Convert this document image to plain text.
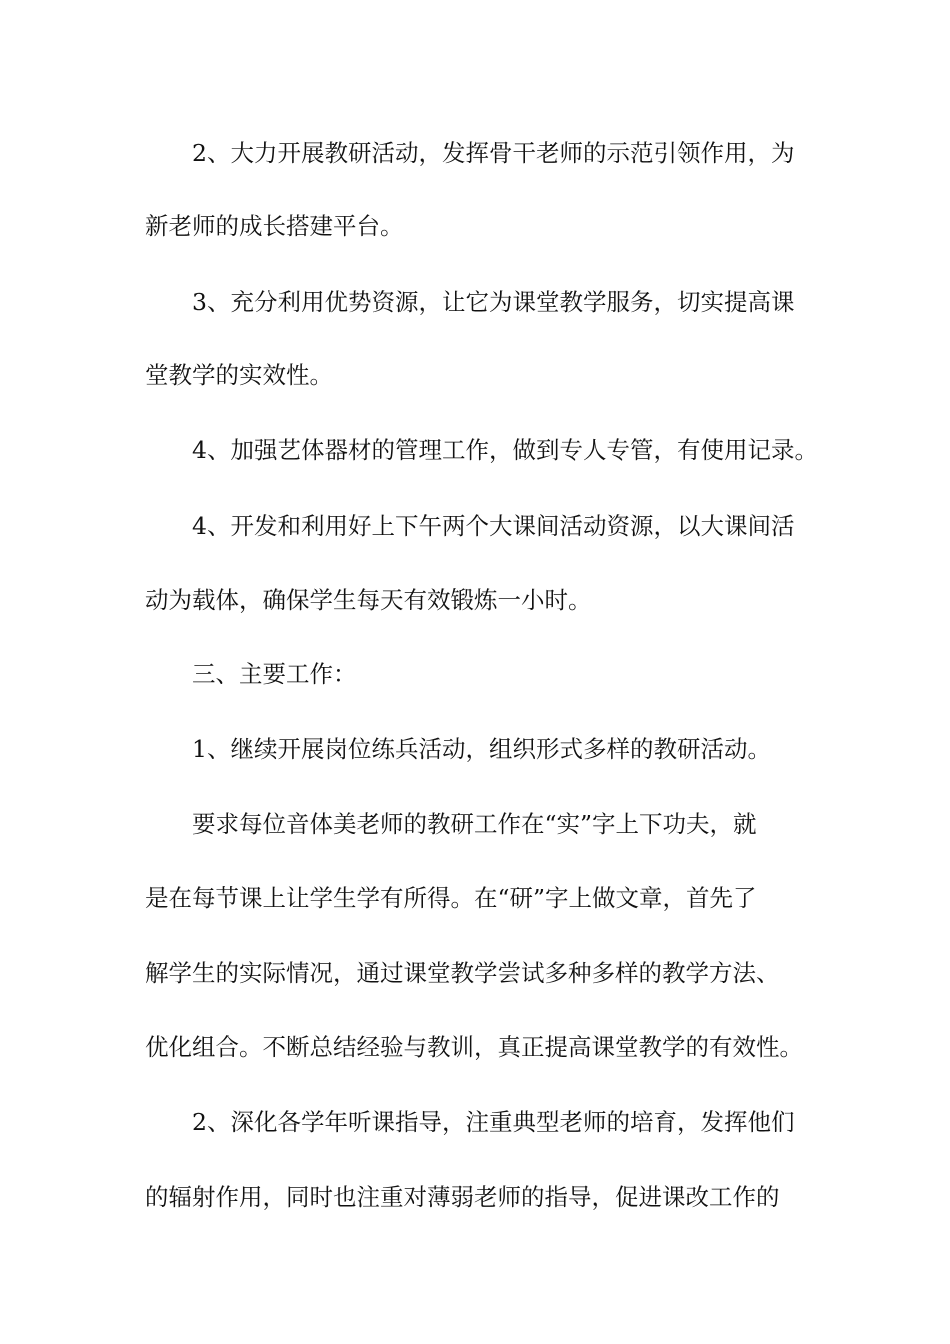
2、大力开展教研活动，发挥骨干老师的示范引领作用，为
新老师的成长搭建平台。
3、充分利用优势资源，让它为课堂教学服务，切实提高课
堂教学的实效性。
4、加强艺体器材的管理工作，做到专人专管，有使用记录。
4、开发和利用好上下午两个大课间活动资源，以大课间活
动为载体，确保学生每天有效锻炼一小时。
三、主要工作：
1、继续开展岗位练兵活动，组织形式多样的教研活动。
要求每位音体美老师的教研工作在“实”字上下功夫，就
是在每节课上让学生学有所得。在“研”字上做文章，首先了
解学生的实际情况，通过课堂教学尝试多种多样的教学方法、
优化组合。不断总结经验与教训，真正提高课堂教学的有效性。
2、深化各学年听课指导，注重典型老师的培育，发挥他们
的辐射作用，同时也注重对薄弱老师的指导，促进课改工作的
